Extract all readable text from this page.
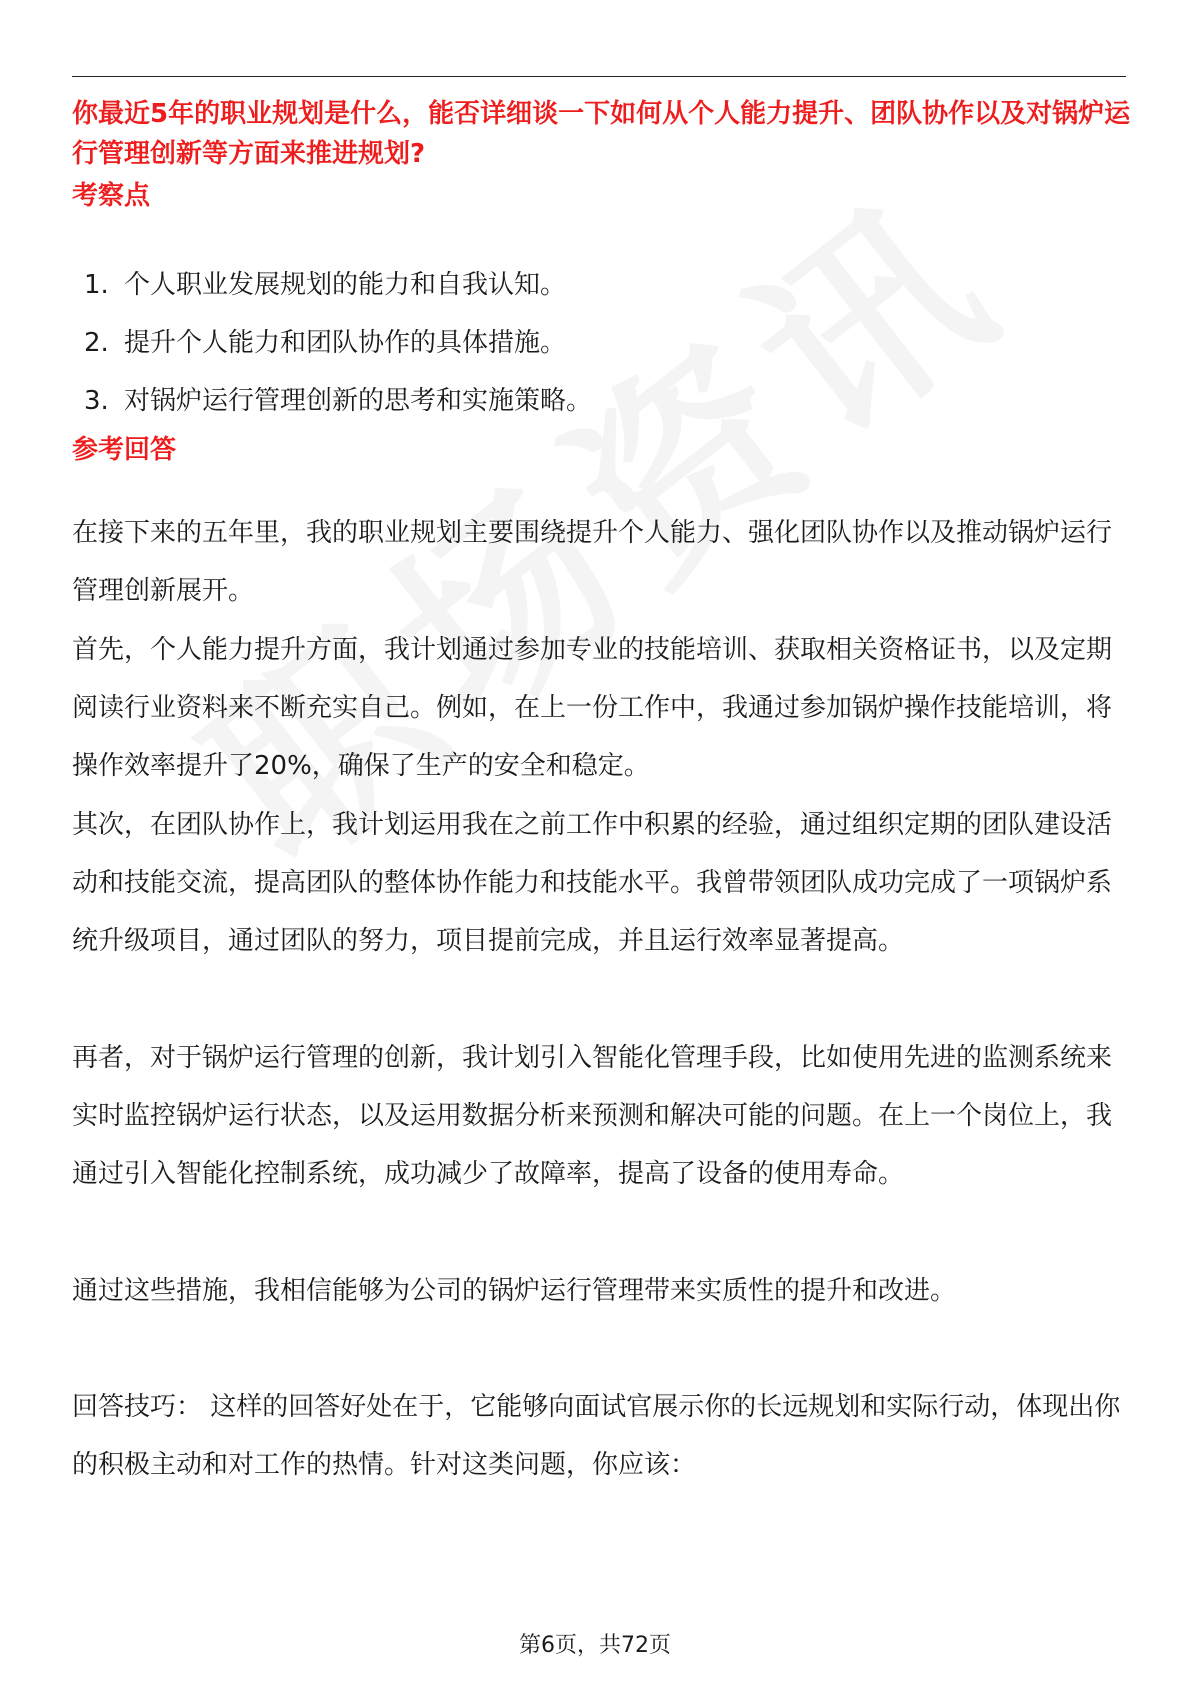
你最近5年的职业规划是什么，能否详细谈一下如何从个人能力提升、团队协作以及对锅炉运行管理创新等方面来推进规划?

考察点

1. 个人职业发展规划的能力和自我认知。
2. 提升个人能力和团队协作的具体措施。
3. 对锅炉运行管理创新的思考和实施策略。

参考回答

在接下来的五年里，我的职业规划主要围绕提升个人能力、强化团队协作以及推动锅炉运行管理创新展开。

首先，个人能力提升方面，我计划通过参加专业的技能培训、获取相关资格证书，以及定期阅读行业资料来不断充实自己。例如，在上一份工作中，我通过参加锅炉操作技能培训，将操作效率提升了20%，确保了生产的安全和稳定。

其次，在团队协作上，我计划运用我在之前工作中积累的经验，通过组织定期的团队建设活动和技能交流，提高团队的整体协作能力和技能水平。我曾带领团队成功完成了一项锅炉系统升级项目，通过团队的努力，项目提前完成，并且运行效率显著提高。

再者，对于锅炉运行管理的创新，我计划引入智能化管理手段，比如使用先进的监测系统来实时监控锅炉运行状态，以及运用数据分析来预测和解决可能的问题。在上一个岗位上，我通过引入智能化控制系统，成功减少了故障率，提高了设备的使用寿命。

通过这些措施，我相信能够为公司的锅炉运行管理带来实质性的提升和改进。

回答技巧： 这样的回答好处在于，它能够向面试官展示你的长远规划和实际行动，体现出你的积极主动和对工作的热情。针对这类问题，你应该：

第6页，共72页
